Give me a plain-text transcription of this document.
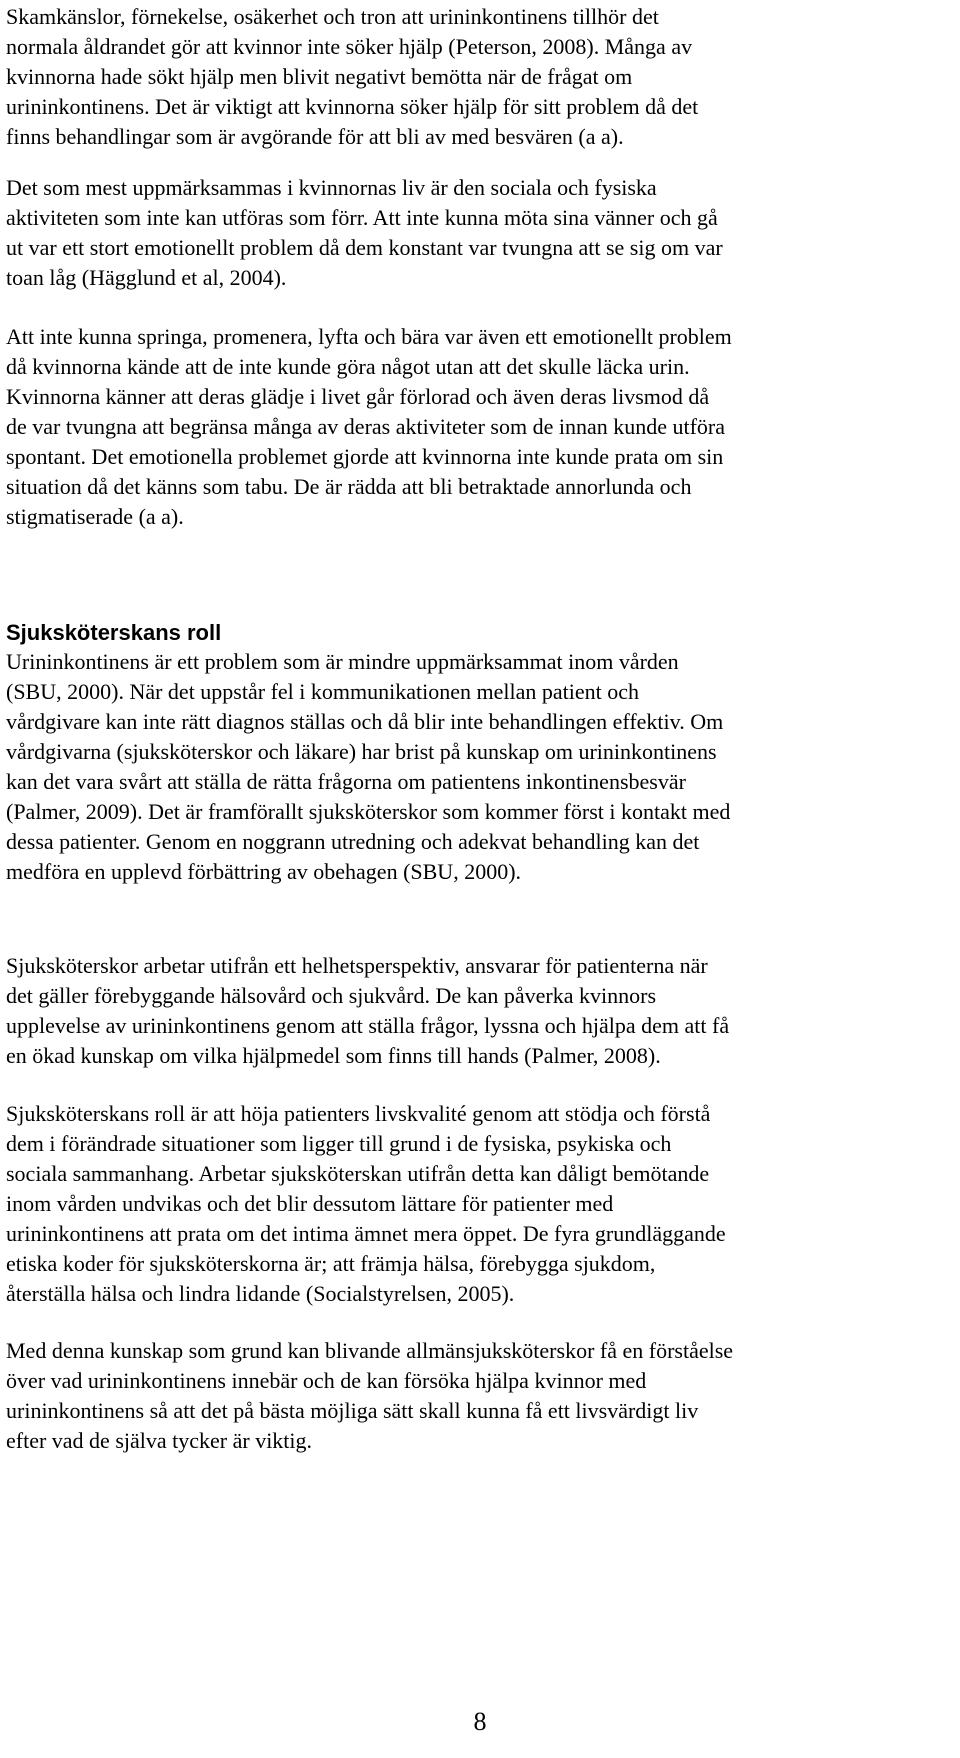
Skamkänslor, förnekelse, osäkerhet och tron att urininkontinens tillhör det
normala åldrandet gör att kvinnor inte söker hjälp (Peterson, 2008). Många av
kvinnorna hade sökt hjälp men blivit negativt bemötta när de frågat om
urininkontinens. Det är viktigt att kvinnorna söker hjälp för sitt problem då det
finns behandlingar som är avgörande för att bli av med besvären (a a).
Det som mest uppmärksammas i kvinnornas liv är den sociala och fysiska
aktiviteten som inte kan utföras som förr. Att inte kunna möta sina vänner och gå
ut var ett stort emotionellt problem då dem konstant var tvungna att se sig om var
toan låg (Hägglund et al, 2004).
Att inte kunna springa, promenera, lyfta och bära var även ett emotionellt problem
då kvinnorna kände att de inte kunde göra något utan att det skulle läcka urin.
Kvinnorna känner att deras glädje i livet går förlorad och även deras livsmod då
de var tvungna att begränsa många av deras aktiviteter som de innan kunde utföra
spontant. Det emotionella problemet gjorde att kvinnorna inte kunde prata om sin
situation då det känns som tabu. De är rädda att bli betraktade annorlunda och
stigmatiserade (a a).
Sjuksköterskans roll
Urininkontinens är ett problem som är mindre uppmärksammat inom vården
(SBU, 2000). När det uppstår fel i kommunikationen mellan patient och
vårdgivare kan inte rätt diagnos ställas och då blir inte behandlingen effektiv. Om
vårdgivarna (sjuksköterskor och läkare) har brist på kunskap om urininkontinens
kan det vara svårt att ställa de rätta frågorna om patientens inkontinensbesvär
(Palmer, 2009). Det är framförallt sjuksköterskor som kommer först i kontakt med
dessa patienter. Genom en noggrann utredning och adekvat behandling kan det
medföra en upplevd förbättring av obehagen (SBU, 2000).
Sjuksköterskor arbetar utifrån ett helhetsperspektiv, ansvarar för patienterna när
det gäller förebyggande hälsovård och sjukvård. De kan påverka kvinnors
upplevelse av urininkontinens genom att ställa frågor, lyssna och hjälpa dem att få
en ökad kunskap om vilka hjälpmedel som finns till hands (Palmer, 2008).
Sjuksköterskans roll är att höja patienters livskvalité genom att stödja och förstå
dem i förändrade situationer som ligger till grund i de fysiska, psykiska och
sociala sammanhang. Arbetar sjuksköterskan utifrån detta kan dåligt bemötande
inom vården undvikas och det blir dessutom lättare för patienter med
urininkontinens att prata om det intima ämnet mera öppet. De fyra grundläggande
etiska koder för sjuksköterskorna är; att främja hälsa, förebygga sjukdom,
återställa hälsa och lindra lidande (Socialstyrelsen, 2005).
Med denna kunskap som grund kan blivande allmänsjuksköterskor få en förståelse
över vad urininkontinens innebär och de kan försöka hjälpa kvinnor med
urininkontinens så att det på bästa möjliga sätt skall kunna få ett livsvärdigt liv
efter vad de själva tycker är viktig.
8
